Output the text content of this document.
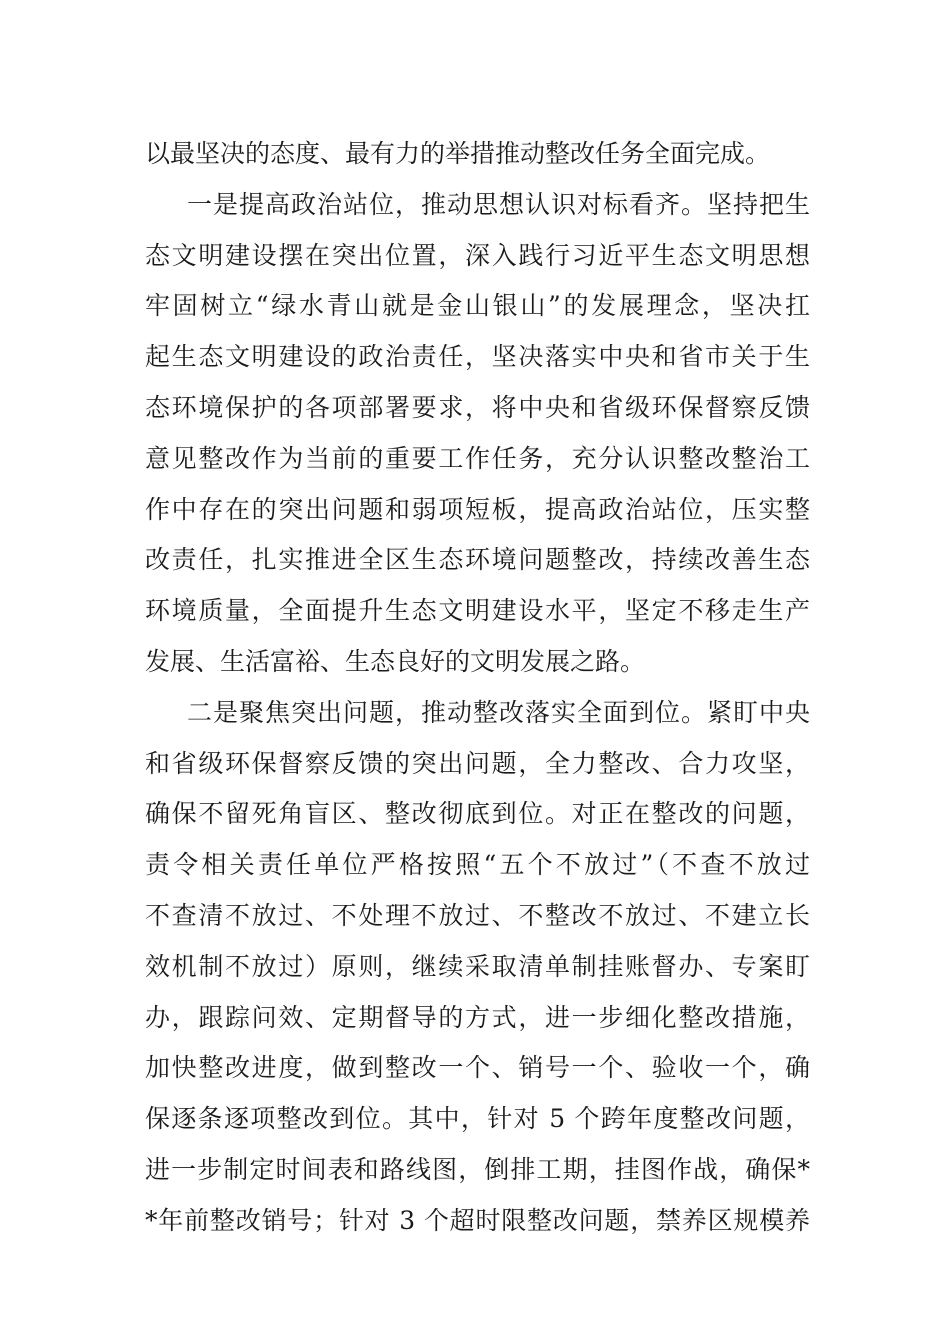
以最坚决的态度、最有力的举措推动整改任务全面完成。
一是提高政治站位，推动思想认识对标看齐。坚持把生
态文明建设摆在突出位置，深入践行习近平生态文明思想
牢固树立“绿水青山就是金山银山”的发展理念，坚决扛
起生态文明建设的政治责任，坚决落实中央和省市关于生
态环境保护的各项部署要求，将中央和省级环保督察反馈
意见整改作为当前的重要工作任务，充分认识整改整治工
作中存在的突出问题和弱项短板，提高政治站位，压实整
改责任，扎实推进全区生态环境问题整改，持续改善生态
环境质量，全面提升生态文明建设水平，坚定不移走生产
发展、生活富裕、生态良好的文明发展之路。
二是聚焦突出问题，推动整改落实全面到位。紧盯中央
和省级环保督察反馈的突出问题，全力整改、合力攻坚，
确保不留死角盲区、整改彻底到位。对正在整改的问题，
责令相关责任单位严格按照“五个不放过”（不查不放过
不查清不放过、不处理不放过、不整改不放过、不建立长
效机制不放过）原则，继续采取清单制挂账督办、专案盯
办，跟踪问效、定期督导的方式，进一步细化整改措施，
加快整改进度，做到整改一个、销号一个、验收一个，确
保逐条逐项整改到位。其中，针对 5 个跨年度整改问题，
进一步制定时间表和路线图，倒排工期，挂图作战，确保*
*年前整改销号；针对 3 个超时限整改问题，禁养区规模养
